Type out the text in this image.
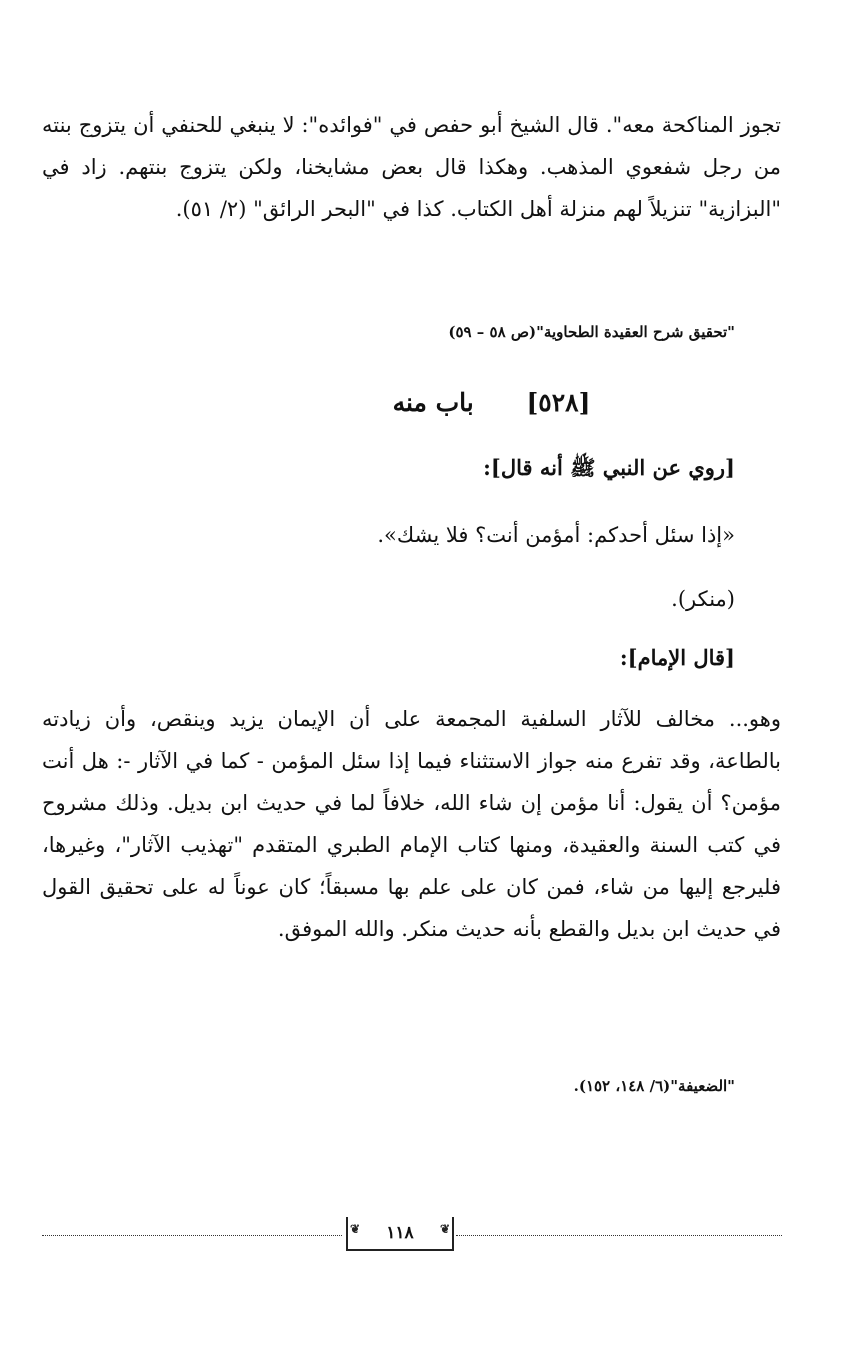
تجوز المناكحة معه". قال الشيخ أبو حفص في "فوائده": لا ينبغي للحنفي أن يتزوج بنته من رجل شفعوي المذهب. وهكذا قال بعض مشايخنا، ولكن يتزوج بنتهم. زاد في "البزازية" تنزيلاً لهم منزلة أهل الكتاب. كذا في "البحر الرائق" (٢/ ٥١).

"تحقيق شرح العقيدة الطحاوية"(ص ٥٨ – ٥٩)

[٥٢٨] باب منه

[روي عن النبي ﷺ أنه قال]:

«إذا سئل أحدكم: أمؤمن أنت؟ فلا يشك».

(منكر).

[قال الإمام]:

وهو... مخالف للآثار السلفية المجمعة على أن الإيمان يزيد وينقص، وأن زيادته بالطاعة، وقد تفرع منه جواز الاستثناء فيما إذا سئل المؤمن - كما في الآثار -: هل أنت مؤمن؟ أن يقول: أنا مؤمن إن شاء الله، خلافاً لما في حديث ابن بديل. وذلك مشروح في كتب السنة والعقيدة، ومنها كتاب الإمام الطبري المتقدم "تهذيب الآثار"، وغيرها، فليرجع إليها من شاء، فمن كان على علم بها مسبقاً؛ كان عوناً له على تحقيق القول في حديث ابن بديل والقطع بأنه حديث منكر. والله الموفق.

"الضعيفة"(٦/ ١٤٨، ١٥٢).

❦ ١١٨ ❦
